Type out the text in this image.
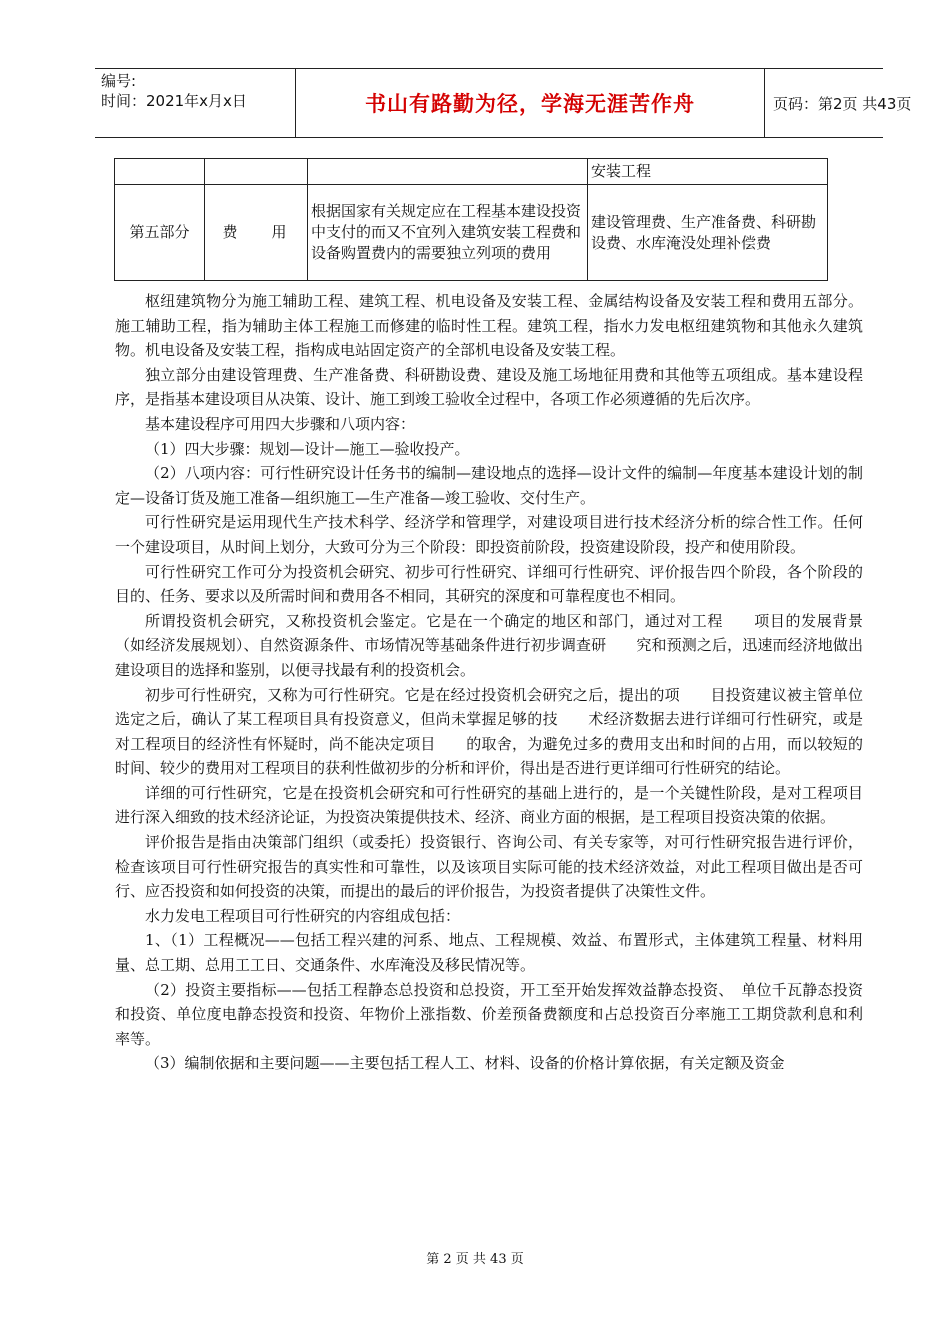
编号:
时间：2021年x月x日	书山有路勤为径，学海无涯苦作舟	页码：第2页 共43页
			安装工程
第五部分	费    用	根据国家有关规定应在工程基本建设投资中支付的而又不宜列入建筑安装工程费和设备购置费内的需要独立列项的费用	建设管理费、生产准备费、科研勘设费、水库淹没处理补偿费

枢纽建筑物分为施工辅助工程、建筑工程、机电设备及安装工程、金属结构设备及安装工程和费用五部分。施工辅助工程，指为辅助主体工程施工而修建的临时性工程。建筑工程，指水力发电枢纽建筑物和其他永久建筑物。机电设备及安装工程，指构成电站固定资产的全部机电设备及安装工程。

独立部分由建设管理费、生产准备费、科研勘设费、建设及施工场地征用费和其他等五项组成。基本建设程序，是指基本建设项目从决策、设计、施工到竣工验收全过程中，各项工作必须遵循的先后次序。

基本建设程序可用四大步骤和八项内容：

（1）四大步骤：规划—设计—施工—验收投产。

（2）八项内容：可行性研究设计任务书的编制—建设地点的选择—设计文件的编制—年度基本建设计划的制定—设备订货及施工准备—组织施工—生产准备—竣工验收、交付生产。

可行性研究是运用现代生产技术科学、经济学和管理学，对建设项目进行技术经济分析的综合性工作。任何一个建设项目，从时间上划分，大致可分为三个阶段：即投资前阶段，投资建设阶段，投产和使用阶段。

可行性研究工作可分为投资机会研究、初步可行性研究、详细可行性研究、评价报告四个阶段，各个阶段的目的、任务、要求以及所需时间和费用各不相同，其研究的深度和可靠程度也不相同。

所谓投资机会研究，又称投资机会鉴定。它是在一个确定的地区和部门，通过对工程　　项目的发展背景（如经济发展规划）、自然资源条件、市场情况等基础条件进行初步调查研　　究和预测之后，迅速而经济地做出建设项目的选择和鉴别，以便寻找最有利的投资机会。

初步可行性研究，又称为可行性研究。它是在经过投资机会研究之后，提出的项　　目投资建议被主管单位选定之后，确认了某工程项目具有投资意义，但尚未掌握足够的技　　术经济数据去进行详细可行性研究，或是对工程项目的经济性有怀疑时，尚不能决定项目　　的取舍，为避免过多的费用支出和时间的占用，而以较短的时间、较少的费用对工程项目的获利性做初步的分析和评价，得出是否进行更详细可行性研究的结论。

详细的可行性研究，它是在投资机会研究和可行性研究的基础上进行的，是一个关键性阶段，是对工程项目进行深入细致的技术经济论证，为投资决策提供技术、经济、商业方面的根据，是工程项目投资决策的依据。

评价报告是指由决策部门组织（或委托）投资银行、咨询公司、有关专家等，对可行性研究报告进行评价，检查该项目可行性研究报告的真实性和可靠性，以及该项目实际可能的技术经济效益，对此工程项目做出是否可行、应否投资和如何投资的决策，而提出的最后的评价报告，为投资者提供了决策性文件。

水力发电工程项目可行性研究的内容组成包括：

1、（1）工程概况——包括工程兴建的河系、地点、工程规模、效益、布置形式，主体建筑工程量、材料用量、总工期、总用工工日、交通条件、水库淹没及移民情况等。

（2）投资主要指标——包括工程静态总投资和总投资，开工至开始发挥效益静态投资、　单位千瓦静态投资和投资、单位度电静态投资和投资、年物价上涨指数、价差预备费额度和占总投资百分率施工工期贷款利息和利率等。

（3）编制依据和主要问题——主要包括工程人工、材料、设备的价格计算依据，有关定额及资金

第 2 页 共 43 页
